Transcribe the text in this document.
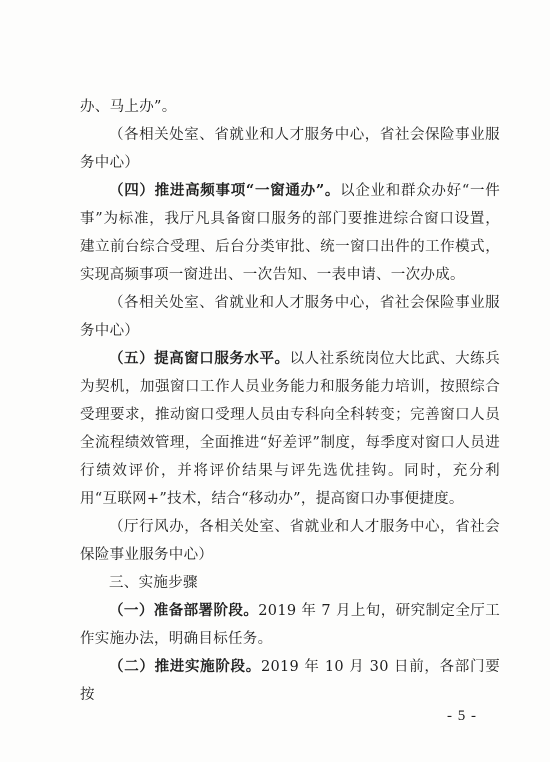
办、马上办”。

（各相关处室、省就业和人才服务中心，省社会保险事业服务中心）

（四）推进高频事项“一窗通办”。以企业和群众办好“一件事”为标准，我厅凡具备窗口服务的部门要推进综合窗口设置，建立前台综合受理、后台分类审批、统一窗口出件的工作模式，实现高频事项一窗进出、一次告知、一表申请、一次办成。

（各相关处室、省就业和人才服务中心，省社会保险事业服务中心）

（五）提高窗口服务水平。以人社系统岗位大比武、大练兵为契机，加强窗口工作人员业务能力和服务能力培训，按照综合受理要求，推动窗口受理人员由专科向全科转变；完善窗口人员全流程绩效管理，全面推进“好差评”制度，每季度对窗口人员进行绩效评价，并将评价结果与评先选优挂钩。同时，充分利用“互联网+”技术，结合“移动办”，提高窗口办事便捷度。

（厅行风办，各相关处室、省就业和人才服务中心，省社会保险事业服务中心）

三、实施步骤

（一）准备部署阶段。2019 年 7 月上旬，研究制定全厅工作实施办法，明确目标任务。

（二）推进实施阶段。2019 年 10 月 30 日前，各部门要按

- 5 -
